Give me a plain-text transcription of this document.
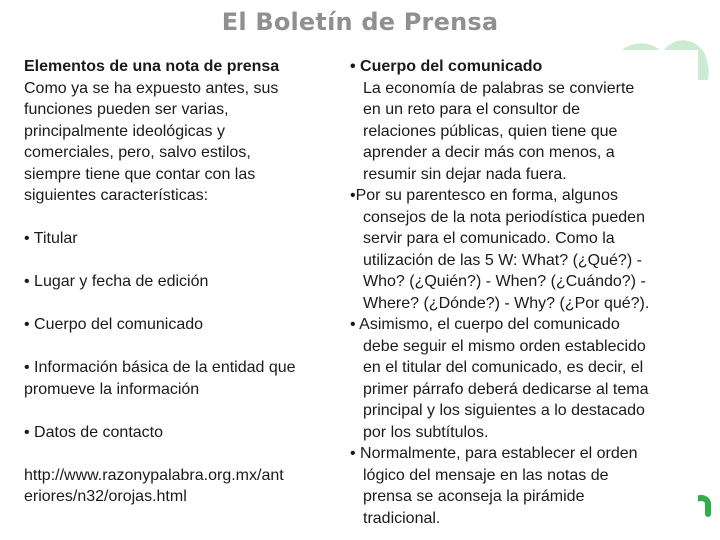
El Boletín de Prensa

Elementos de una nota de prensa

Como ya se ha expuesto antes, sus

funciones pueden ser varias,

principalmente ideológicas y

comerciales, pero, salvo estilos,

siempre tiene que contar con las

siguientes características:

• Titular

• Lugar y fecha de edición

• Cuerpo del comunicado

• Información básica de la entidad que

promueve la información

• Datos de contacto

http://www.razonypalabra.org.mx/ant

eriores/n32/orojas.html

• Cuerpo del comunicado

La economía de palabras se convierte

en un reto para el consultor de

relaciones públicas, quien tiene que

aprender a decir más con menos, a

resumir sin dejar nada fuera.

•Por su parentesco en forma, algunos

consejos de la nota periodística pueden

servir para el comunicado. Como la

utilización de las 5 W: What? (¿Qué?) -

Who? (¿Quién?) - When? (¿Cuándo?) -

Where? (¿Dónde?) - Why? (¿Por qué?).

• Asimismo, el cuerpo del comunicado

debe seguir el mismo orden establecido

en el titular del comunicado, es decir, el

primer párrafo deberá dedicarse al tema

principal y los siguientes a lo destacado

por los subtítulos.

• Normalmente, para establecer el orden

lógico del mensaje en las notas de

prensa se aconseja la pirámide

tradicional.
